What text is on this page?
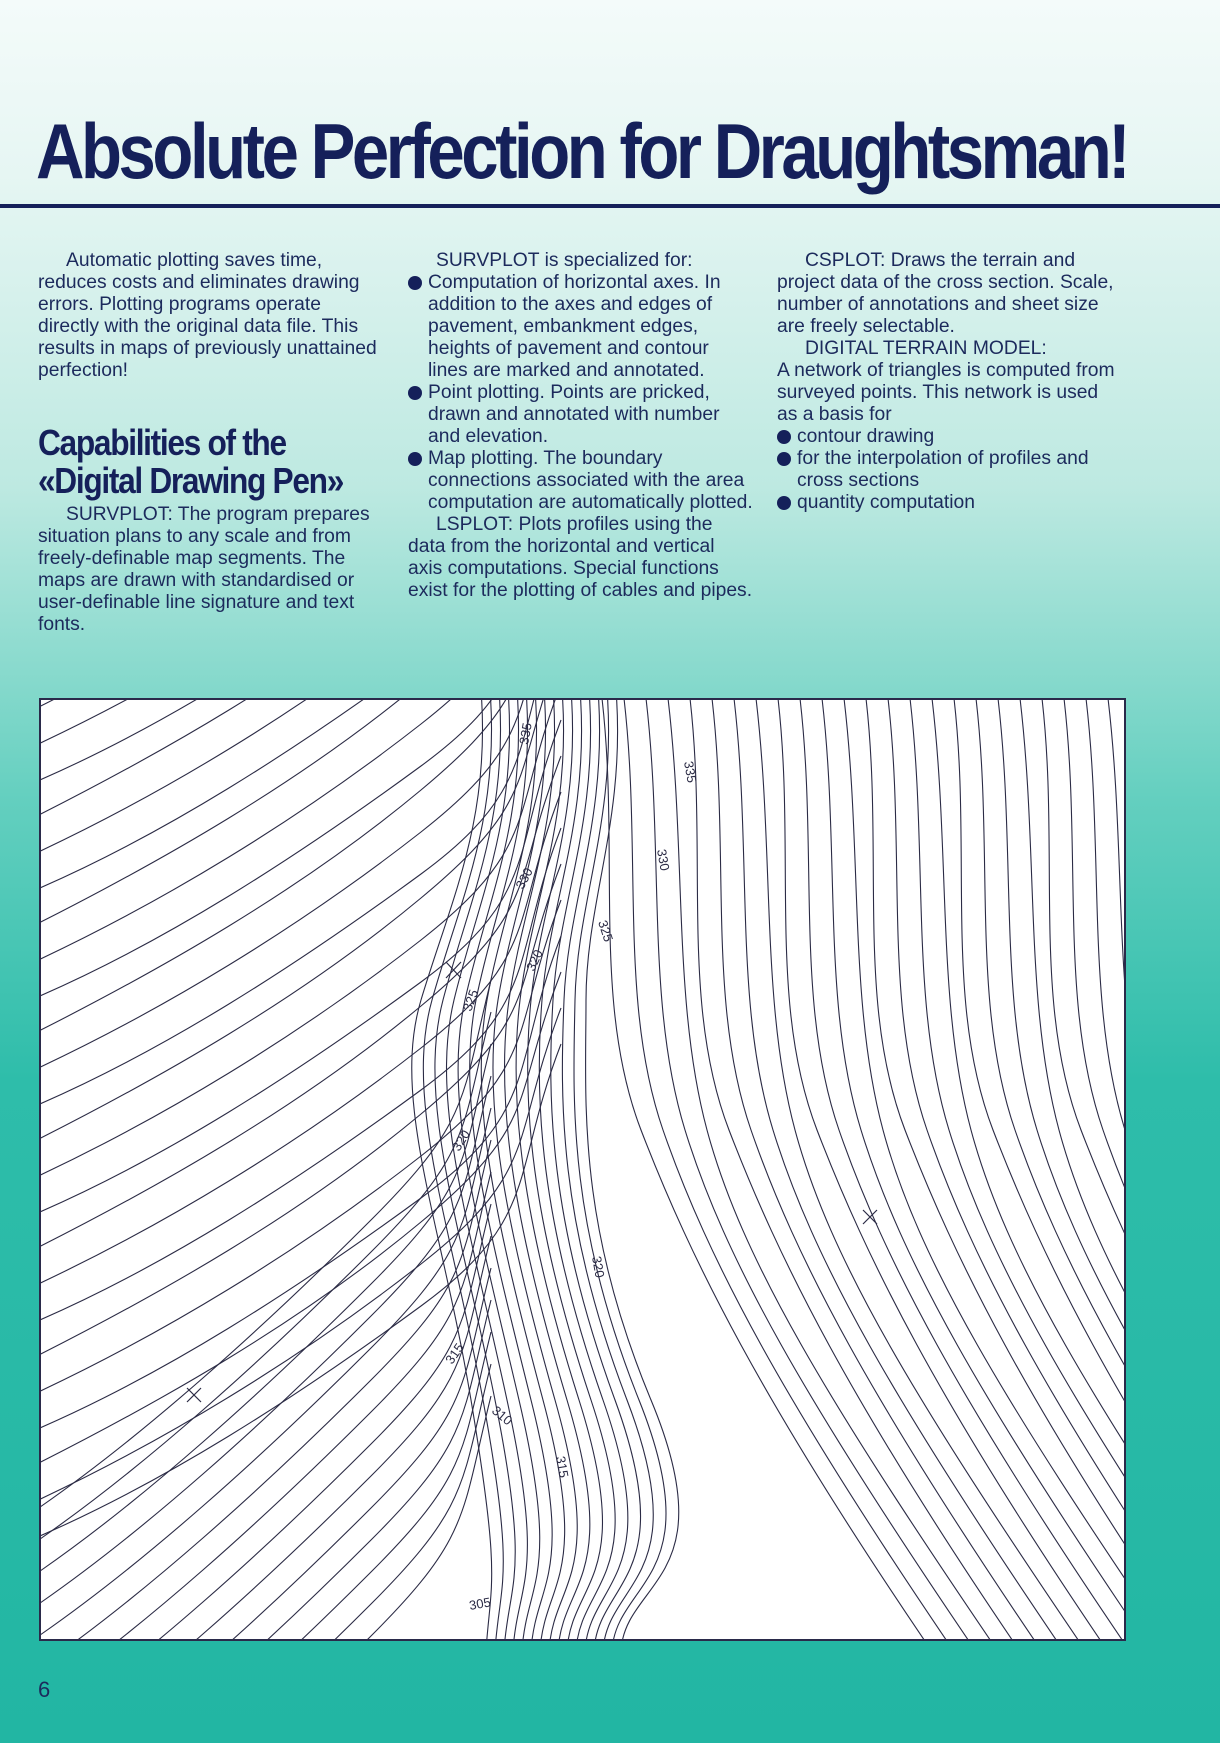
Absolute Perfection for Draughtsman!

Automatic plotting saves time, reduces costs and eliminates drawing errors. Plotting programs operate directly with the original data file. This results in maps of previously unattained perfection!

Capabilities of the «Digital Drawing Pen»

SURVPLOT: The program prepares situation plans to any scale and from freely-definable map segments. The maps are drawn with standardised or user-definable line signature and text fonts.

SURVPLOT is specialized for:

Computation of horizontal axes. In addition to the axes and edges of pavement, embankment edges, heights of pavement and contour lines are marked and annotated.
Point plotting. Points are pricked, drawn and annotated with number and elevation.
Map plotting. The boundary connections associated with the area computation are automatically plotted.

LSPLOT: Plots profiles using the data from the horizontal and vertical axis computations. Special functions exist for the plotting of cables and pipes.

CSPLOT: Draws the terrain and project data of the cross section. Scale, number of annotations and sheet size are freely selectable.

DIGITAL TERRAIN MODEL:

A network of triangles is computed from surveyed points. This network is used as a basis for

contour drawing
for the interpolation of profiles and cross sections
quantity computation
335
335
330
330
325
320
325
320
320
315
310
315
305
6
